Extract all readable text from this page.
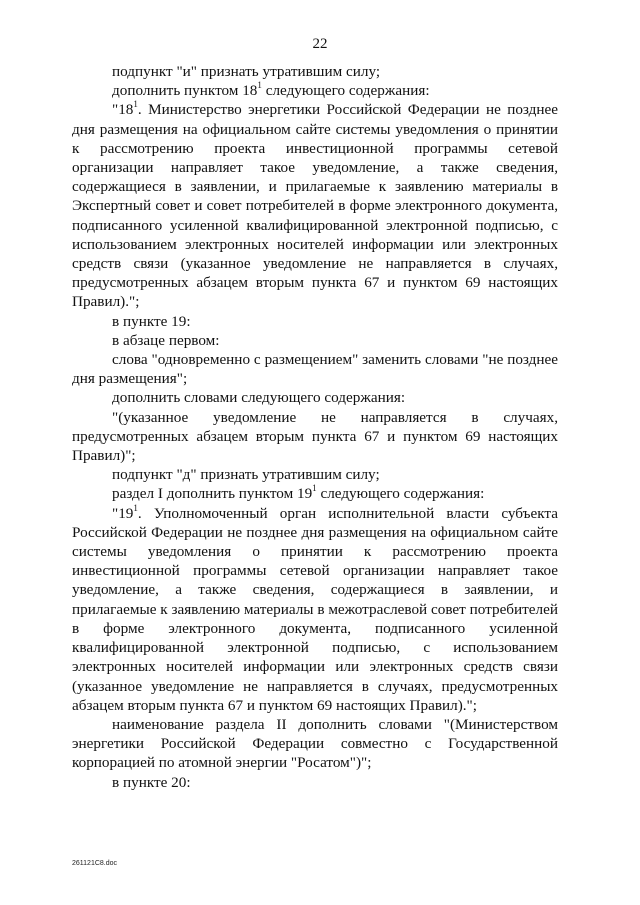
22

подпункт "и" признать утратившим силу;

дополнить пунктом $18^1$ следующего содержания:

"$18^1$. Министерство энергетики Российской Федерации не позднее дня размещения на официальном сайте системы уведомления о принятии к рассмотрению проекта инвестиционной программы сетевой организации направляет такое уведомление, а также сведения, содержащиеся в заявлении, и прилагаемые к заявлению материалы в Экспертный совет и совет потребителей в форме электронного документа, подписанного усиленной квалифицированной электронной подписью, с использованием электронных носителей информации или электронных средств связи (указанное уведомление не направляется в случаях, предусмотренных абзацем вторым пункта 67 и пунктом 69 настоящих Правил).";

в пункте 19:

в абзаце первом:

слова "одновременно с размещением" заменить словами "не позднее дня размещения";

дополнить словами следующего содержания:

"(указанное уведомление не направляется в случаях, предусмотренных абзацем вторым пункта 67 и пунктом 69 настоящих Правил)";

подпункт "д" признать утратившим силу;

раздел I дополнить пунктом $19^1$ следующего содержания:

"$19^1$. Уполномоченный орган исполнительной власти субъекта Российской Федерации не позднее дня размещения на официальном сайте системы уведомления о принятии к рассмотрению проекта инвестиционной программы сетевой организации направляет такое уведомление, а также сведения, содержащиеся в заявлении, и прилагаемые к заявлению материалы в межотраслевой совет потребителей в форме электронного документа, подписанного усиленной квалифицированной электронной подписью, с использованием электронных носителей информации или электронных средств связи (указанное уведомление не направляется в случаях, предусмотренных абзацем вторым пункта 67 и пунктом 69 настоящих Правил).";

наименование раздела II дополнить словами "(Министерством энергетики Российской Федерации совместно с Государственной корпорацией по атомной энергии "Росатом")";

в пункте 20:

261121C8.doc
